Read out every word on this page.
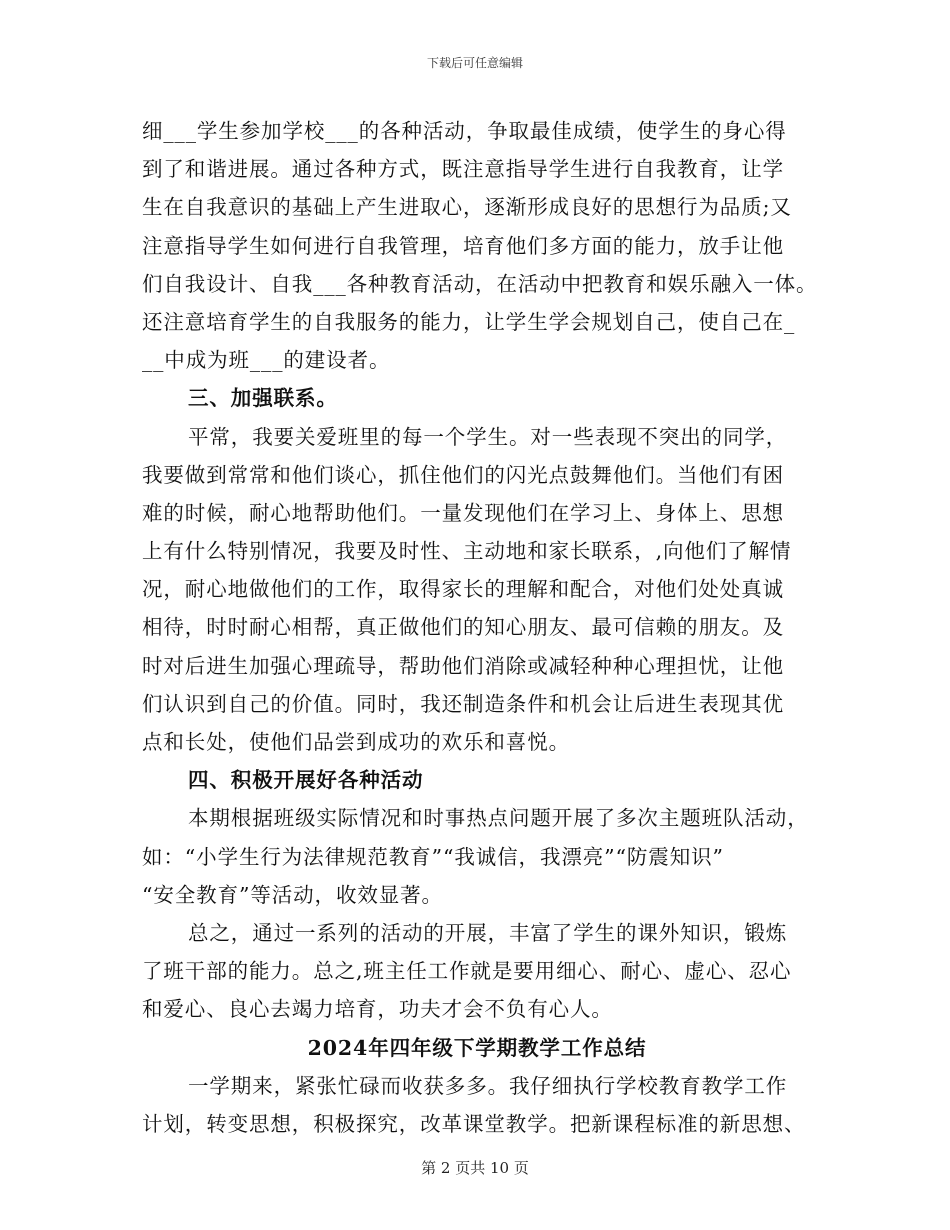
下载后可任意编辑
细___学生参加学校___的各种活动，争取最佳成绩，使学生的身心得
到了和谐进展。通过各种方式，既注意指导学生进行自我教育，让学
生在自我意识的基础上产生进取心，逐渐形成良好的思想行为品质;又
注意指导学生如何进行自我管理，培育他们多方面的能力，放手让他
们自我设计、自我___各种教育活动，在活动中把教育和娱乐融入一体。
还注意培育学生的自我服务的能力，让学生学会规划自己，使自己在_
__中成为班___的建设者。
三、加强联系。
平常，我要关爱班里的每一个学生。对一些表现不突出的同学，
我要做到常常和他们谈心，抓住他们的闪光点鼓舞他们。当他们有困
难的时候，耐心地帮助他们。一量发现他们在学习上、身体上、思想
上有什么特别情况，我要及时性、主动地和家长联系，,向他们了解情
况，耐心地做他们的工作，取得家长的理解和配合，对他们处处真诚
相待，时时耐心相帮，真正做他们的知心朋友、最可信赖的朋友。及
时对后进生加强心理疏导，帮助他们消除或减轻种种心理担忧，让他
们认识到自己的价值。同时，我还制造条件和机会让后进生表现其优
点和长处，使他们品尝到成功的欢乐和喜悦。
四、积极开展好各种活动
本期根据班级实际情况和时事热点问题开展了多次主题班队活动，
如：“小学生行为法律规范教育”“我诚信，我漂亮”“防震知识”
“安全教育”等活动，收效显著。
总之，通过一系列的活动的开展，丰富了学生的课外知识，锻炼
了班干部的能力。总之,班主任工作就是要用细心、耐心、虚心、忍心
和爱心、良心去竭力培育，功夫才会不负有心人。
2024年四年级下学期教学工作总结
一学期来，紧张忙碌而收获多多。我仔细执行学校教育教学工作
计划，转变思想，积极探究，改革课堂教学。把新课程标准的新思想、
第 2 页共 10 页
